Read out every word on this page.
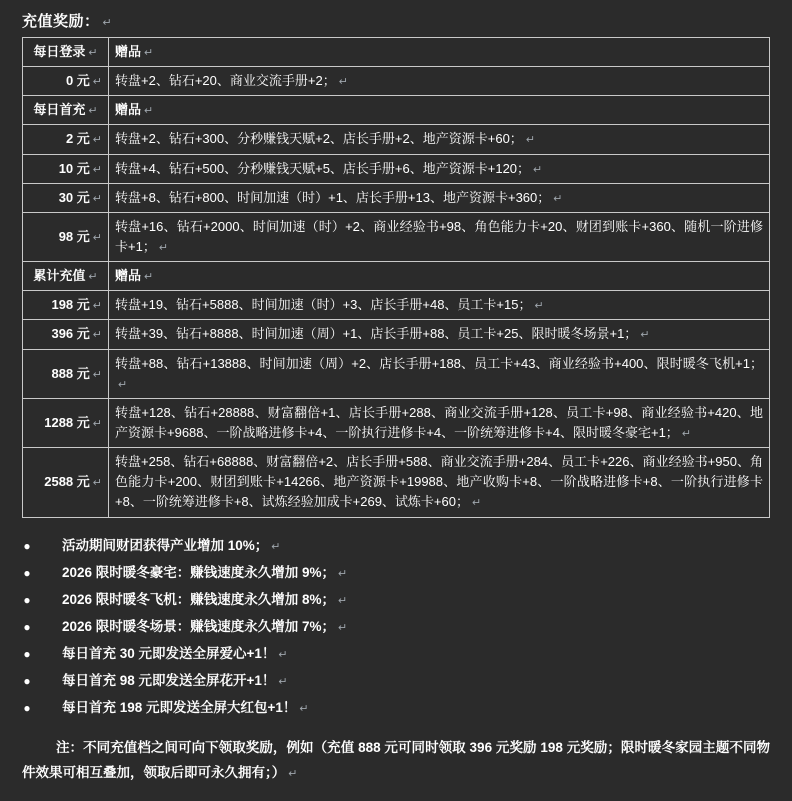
充值奖励： ↵
每日登录 ↵	赠品 ↵
0 元 ↵	转盘+2、钻石+20、商业交流手册+2； ↵
每日首充 ↵	赠品 ↵
2 元 ↵	转盘+2、钻石+300、分秒赚钱天赋+2、店长手册+2、地产资源卡+60； ↵
10 元 ↵	转盘+4、钻石+500、分秒赚钱天赋+5、店长手册+6、地产资源卡+120； ↵
30 元 ↵	转盘+8、钻石+800、时间加速（时）+1、店长手册+13、地产资源卡+360； ↵
98 元 ↵	转盘+16、钻石+2000、时间加速（时）+2、商业经验书+98、角色能力卡+20、财团到账卡+360、随机一阶进修卡+1； ↵
累计充值 ↵	赠品 ↵
198 元 ↵	转盘+19、钻石+5888、时间加速（时）+3、店长手册+48、员工卡+15； ↵
396 元 ↵	转盘+39、钻石+8888、时间加速（周）+1、店长手册+88、员工卡+25、限时暖冬场景+1； ↵
888 元 ↵	转盘+88、钻石+13888、时间加速（周）+2、店长手册+188、员工卡+43、商业经验书+400、限时暖冬飞机+1；↵
1288 元 ↵	转盘+128、钻石+28888、财富翻倍+1、店长手册+288、商业交流手册+128、员工卡+98、商业经验书+420、地产资源卡+9688、一阶战略进修卡+4、一阶执行进修卡+4、一阶统筹进修卡+4、限时暖冬豪宅+1； ↵
2588 元 ↵	转盘+258、钻石+68888、财富翻倍+2、店长手册+588、商业交流手册+284、员工卡+226、商业经验书+950、角色能力卡+200、财团到账卡+14266、地产资源卡+19988、地产收购卡+8、一阶战略进修卡+8、一阶执行进修卡+8、一阶统筹进修卡+8、试炼经验加成卡+269、试炼卡+60； ↵
●	活动期间财团获得产业增加 10%； ↵
●	2026 限时暖冬豪宅：赚钱速度永久增加 9%； ↵
●	2026 限时暖冬飞机：赚钱速度永久增加 8%； ↵
●	2026 限时暖冬场景：赚钱速度永久增加 7%； ↵
●	每日首充 30 元即发送全屏爱心+1！ ↵
●	每日首充 98 元即发送全屏花开+1！ ↵
●	每日首充 198 元即发送全屏大红包+1！ ↵
注：不同充值档之间可向下领取奖励，例如（充值 888 元可同时领取 396 元奖励 198 元奖励；限时暖冬家园主题不同物件效果可相互叠加，领取后即可永久拥有；） ↵
